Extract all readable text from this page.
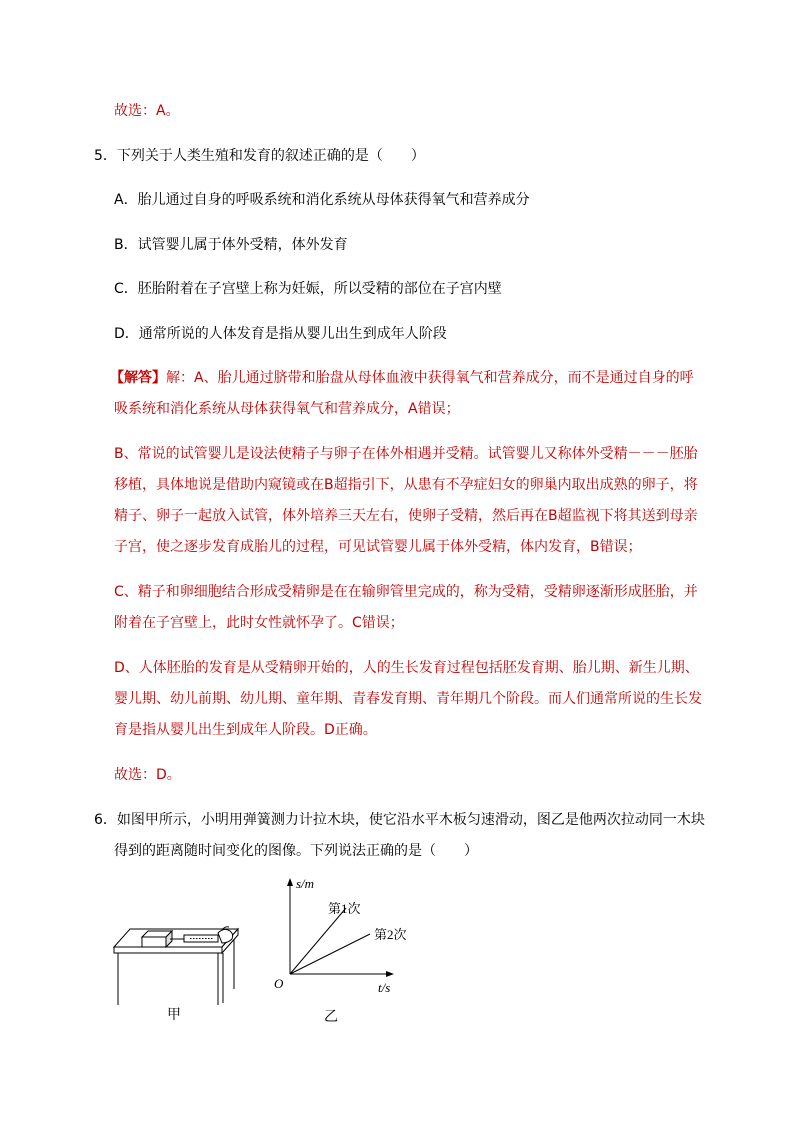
故选：A。
5．下列关于人类生殖和发育的叙述正确的是（　　）
A．胎儿通过自身的呼吸系统和消化系统从母体获得氧气和营养成分
B．试管婴儿属于体外受精，体外发育
C．胚胎附着在子宫壁上称为妊娠，所以受精的部位在子宫内壁
D．通常所说的人体发育是指从婴儿出生到成年人阶段
【解答】解：A、胎儿通过脐带和胎盘从母体血液中获得氧气和营养成分，而不是通过自身的呼
吸系统和消化系统从母体获得氧气和营养成分，A错误；
B、常说的试管婴儿是设法使精子与卵子在体外相遇并受精。试管婴儿又称体外受精－－－胚胎
移植，具体地说是借助内窥镜或在B超指引下，从患有不孕症妇女的卵巢内取出成熟的卵子，将
精子、卵子一起放入试管，体外培养三天左右，使卵子受精，然后再在B超监视下将其送到母亲
子宫，使之逐步发育成胎儿的过程，可见试管婴儿属于体外受精，体内发育，B错误；
C、精子和卵细胞结合形成受精卵是在在输卵管里完成的，称为受精，受精卵逐渐形成胚胎，并
附着在子宫壁上，此时女性就怀孕了。C错误；
D、人体胚胎的发育是从受精卵开始的，人的生长发育过程包括胚发育期、胎儿期、新生儿期、
婴儿期、幼儿前期、幼儿期、童年期、青春发育期、青年期几个阶段。而人们通常所说的生长发
育是指从婴儿出生到成年人阶段。D正确。
故选：D。
6．如图甲所示，小明用弹簧测力计拉木块，使它沿水平木板匀速滑动，图乙是他两次拉动同一木块
得到的距离随时间变化的图像。下列说法正确的是（　　）
甲
s/m
t/s
O
第1次
第2次
乙
